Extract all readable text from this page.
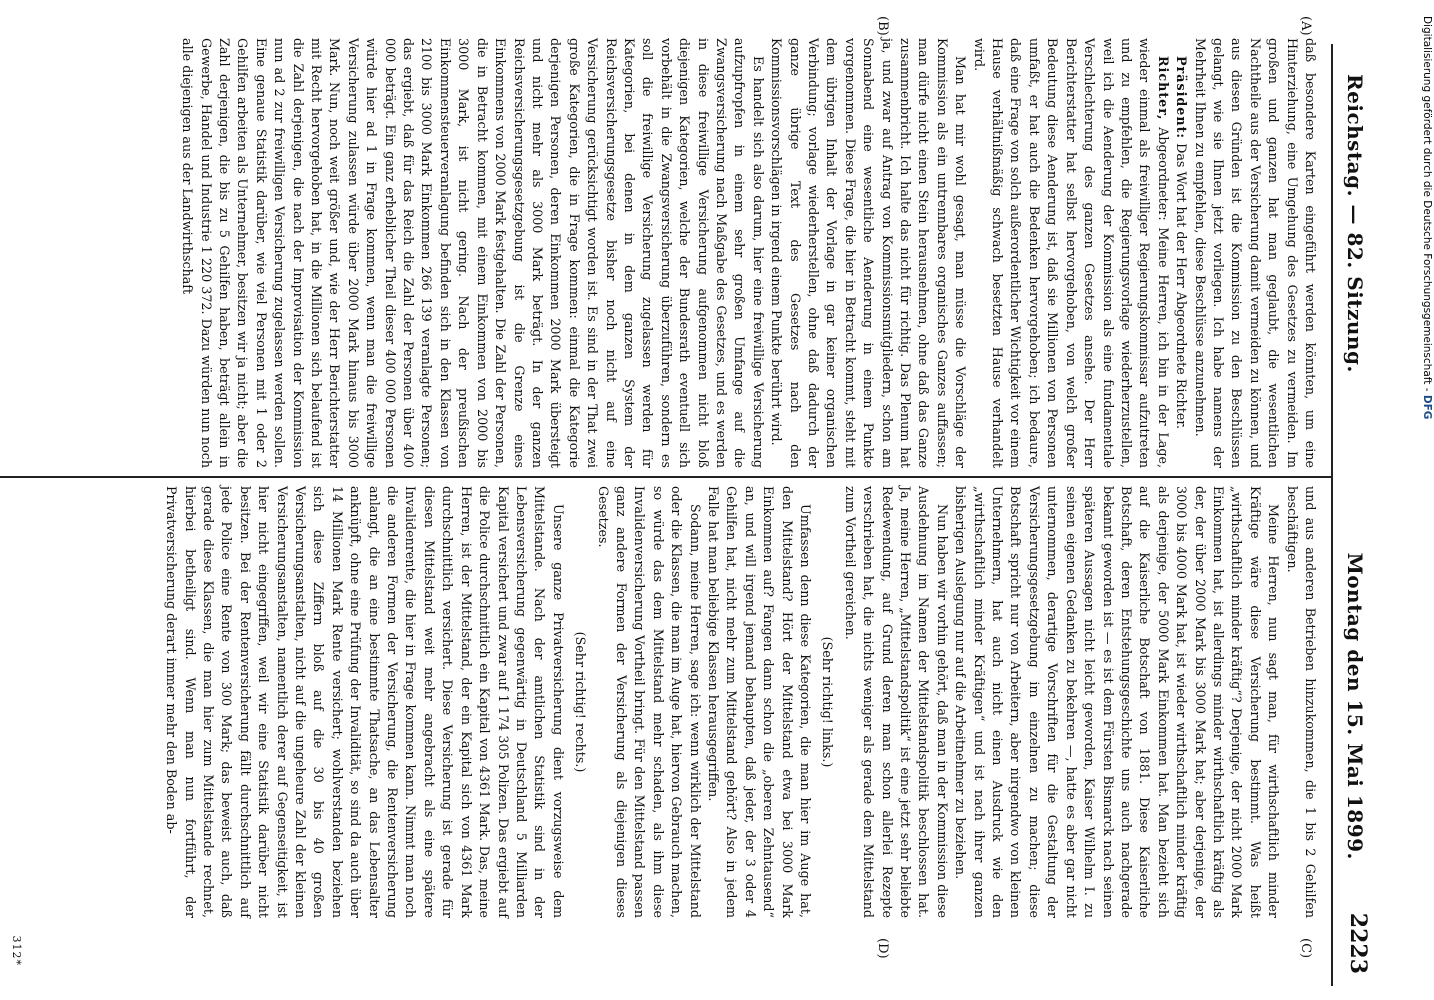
Reichstag. — 82. Sitzung.
Montag den 15. Mai 1899.
2223
(A)
(B)
(C)
(D)

daß besondere Karten eingeführt werden könnten, um eine Hinterziehung, eine Umgehung des Gesetzes zu vermeiden. Im großen und ganzen hat man geglaubt, die wesentlichen Nachtheile aus der Versicherung damit vermeiden zu können, und aus diesen Gründen ist die Kommission zu den Beschlüssen gelangt, wie sie Ihnen jetzt vorliegen. Ich habe namens der Mehrheit Ihnen zu empfehlen, diese Beschlüsse anzunehmen.

Präsident: Das Wort hat der Herr Abgeordnete Richter.

Richter, Abgeordneter: Meine Herren, ich bin in der Lage, wieder einmal als freiwilliger Regierungskommissar aufzutreten und zu empfehlen, die Regierungsvorlage wiederherzustellen, weil ich die Aenderung der Kommission als eine fundamentale Verschlechterung des ganzen Gesetzes ansehe. Der Herr Berichterstatter hat selbst hervorgehoben, von welch großer Bedeutung diese Aenderung ist, daß sie Millionen von Personen umfaßt, er hat auch die Bedenken hervorgehoben; ich bedaure, daß eine Frage von solch außerordentlicher Wichtigkeit vor einem Hause verhältnißmäßig schwach besetzten Hause verhandelt wird.

Man hat mir wohl gesagt, man müsse die Vorschläge der Kommission als ein untrennbares organisches Ganzes auffassen; man dürfe nicht einen Stein herausnehmen, ohne daß das Ganze zusammenbricht. Ich halte das nicht für richtig. Das Plenum hat ja, und zwar auf Antrag von Kommissionsmitgliedern, schon am Sonnabend eine wesentliche Aenderung in einem Punkte vorgenommen. Diese Frage, die hier in Betracht kommt, steht mit dem übrigen Inhalt der Vorlage in gar keiner organischen Verbindung; vorlage wiederherstellen, ohne daß dadurch der ganze übrige Text des Gesetzes nach den Kommissionsvorschlägen in irgend einem Punkte berührt wird.

Es handelt sich also darum, hier eine freiwillige Versicherung aufzupfropfen in einem sehr großen Umfange auf die Zwangsversicherung nach Maßgabe des Gesetzes, und es werden in diese freiwillige Versicherung aufgenommen nicht bloß diejenigen Kategorien, welche der Bundesrath eventuell sich vorbehält in die Zwangsversicherung überzuführen, sondern es soll die freiwillige Versicherung zugelassen werden für Kategorien, bei denen in dem ganzen System der Reichsversicherungsgesetze bisher noch nicht auf eine Versicherung gerücksichtigt worden ist. Es sind in der That zwei große Kategorien, die in Frage kommen: einmal die Kategorie derjenigen Personen, deren Einkommen 2000 Mark übersteigt und nicht mehr als 3000 Mark beträgt. In der ganzen Reichsversicherungsgesetzgebung ist die Grenze eines Einkommens von 2000 Mark festgehalten. Die Zahl der Personen, die in Betracht kommen, mit einem Einkommen von 2000 bis 3000 Mark, ist nicht gering. Nach der preußischen Einkommensteuerveranlagung befinden sich in den Klassen von 2100 bis 3000 Mark Einkommen 266 139 veranlagte Personen; das ergiebt, daß für das Reich die Zahl der Personen über 400 000 beträgt. Ein ganz erheblicher Theil dieser 400 000 Personen würde hier ad 1 in Frage kommen, wenn man die freiwillige Versicherung zulassen würde über 2000 Mark hinaus bis 3000 Mark. Nun, noch weit größer und, wie der Herr Berichterstatter mit Recht hervorgehoben hat, in die Millionen sich belaufend ist die Zahl derjenigen, die nach der Improvisation der Kommission nun ad 2 zur freiwilligen Versicherung zugelassen werden sollen. Eine genaue Statistik darüber, wie viel Personen mit 1 oder 2 Gehilfen arbeiten als Unternehmer, besitzen wir ja nicht; aber die Zahl derjenigen, die bis zu 5 Gehilfen haben, beträgt allein in Gewerbe, Handel und Industrie 1 220 372. Dazu würden nun noch alle diejenigen aus der Landwirthschaft

und aus anderen Betrieben hinzukommen, die 1 bis 2 Gehilfen beschäftigen.

Meine Herren, nun sagt man, für wirthschaftlich minder Kräftige wäre diese Versicherung bestimmt. Was heißt „wirthschaftlich minder kräftig“? Derjenige, der nicht 2000 Mark Einkommen hat, ist allerdings minder wirthschaftlich kräftig als der, der über 2000 Mark bis 3000 Mark hat; aber derjenige, der 3000 bis 4000 Mark hat, ist wieder wirthschaftlich minder kräftig als derjenige, der 5000 Mark Einkommen hat. Man bezieht sich auf die Kaiserliche Botschaft von 1881. Diese Kaiserliche Botschaft, deren Entstehungsgeschichte uns auch nachgerade bekannt geworden ist — es ist dem Fürsten Bismarck nach seinen späteren Aussagen nicht leicht geworden, Kaiser Wilhelm I. zu seinen eigenen Gedanken zu bekehren —, hatte es aber gar nicht unternommen, derartige Vorschriften für die Gestaltung der Versicherungsgesetzgebung im einzelnen zu machen; diese Botschaft spricht nur von Arbeitern, aber nirgendwo von kleinen Unternehmern, hat auch nicht einen Ausdruck wie den „wirthschaftlich minder Kräftigen“ und ist nach ihrer ganzen bisherigen Auslegung nur auf die Arbeitnehmer zu beziehen.

Nun haben wir vorhin gehört, daß man in der Kommission diese Ausdehnung im Namen der Mittelstandspolitik beschlossen hat. Ja, meine Herren, „Mittelstandspolitik“ ist eine jetzt sehr beliebte Redewendung, auf Grund deren man schon allerlei Rezepte verschrieben hat, die nichts weniger als gerade dem Mittelstand zum Vortheil gereichen.

(Sehr richtig! links.)

Umfassen denn diese Kategorien, die man hier im Auge hat, den Mittelstand? Hört der Mittelstand etwa bei 3000 Mark Einkommen auf? Fangen dann schon die „oberen Zehntausend“ an, und will irgend jemand behaupten, daß jeder, der 3 oder 4 Gehilfen hat, nicht mehr zum Mittelstand gehört? Also in jedem Falle hat man beliebige Klassen herausgegriffen.

Sodann, meine Herren, sage ich: wenn wirklich der Mittelstand oder die Klassen, die man im Auge hat, hiervon Gebrauch machen, so würde das dem Mittelstand mehr schaden, als ihm diese Invalidenversicherung Vortheil bringt. Für den Mittelstand passen ganz andere Formen der Versicherung als diejenigen dieses Gesetzes.

(Sehr richtig! rechts.)

Unsere ganze Privatversicherung dient vorzugsweise dem Mittelstande. Nach der amtlichen Statistik sind in der Lebensversicherung gegenwärtig in Deutschland 5 Milliarden Kapital versichert und zwar auf 1 174 305 Polizen. Das ergiebt auf die Police durchschnittlich ein Kapital von 4361 Mark. Das, meine Herren, ist der Mittelstand, der ein Kapital sich von 4361 Mark durchschnittlich versichert. Diese Versicherung ist gerade für diesen Mittelstand weit mehr angebracht als eine spätere Invalidenrente, die hier in Frage kommen kann. Nimmt man noch die anderen Formen der Versicherung, die Rentenversicherung anlangt, die an eine bestimmte Thatsache, an das Lebensalter anknüpft, ohne eine Prüfung der Invalidität, so sind da auch über 14 Millionen Mark Rente versichert; wohlverstanden beziehen sich diese Ziffern bloß auf die 30 bis 40 großen Versicherungsanstalten, nicht auf die ungeheure Zahl der kleinen Versicherungsanstalten, namentlich derer auf Gegenseitigkeit, ist hier nicht eingegriffen, weil wir eine Statistik darüber nicht besitzen. Bei der Rentenversicherung fällt durchschnittlich auf jede Police eine Rente von 300 Mark; das beweist auch, daß gerade diese Klassen, die man hier zum Mittelstande rechnet, hierbei betheiligt sind. Wenn man nun fortführt, der Privatversicherung derart immer mehr den Boden ab-

312*
Digitalisierung gefördert durch die Deutsche Forschungsgemeinschaft - DFG
